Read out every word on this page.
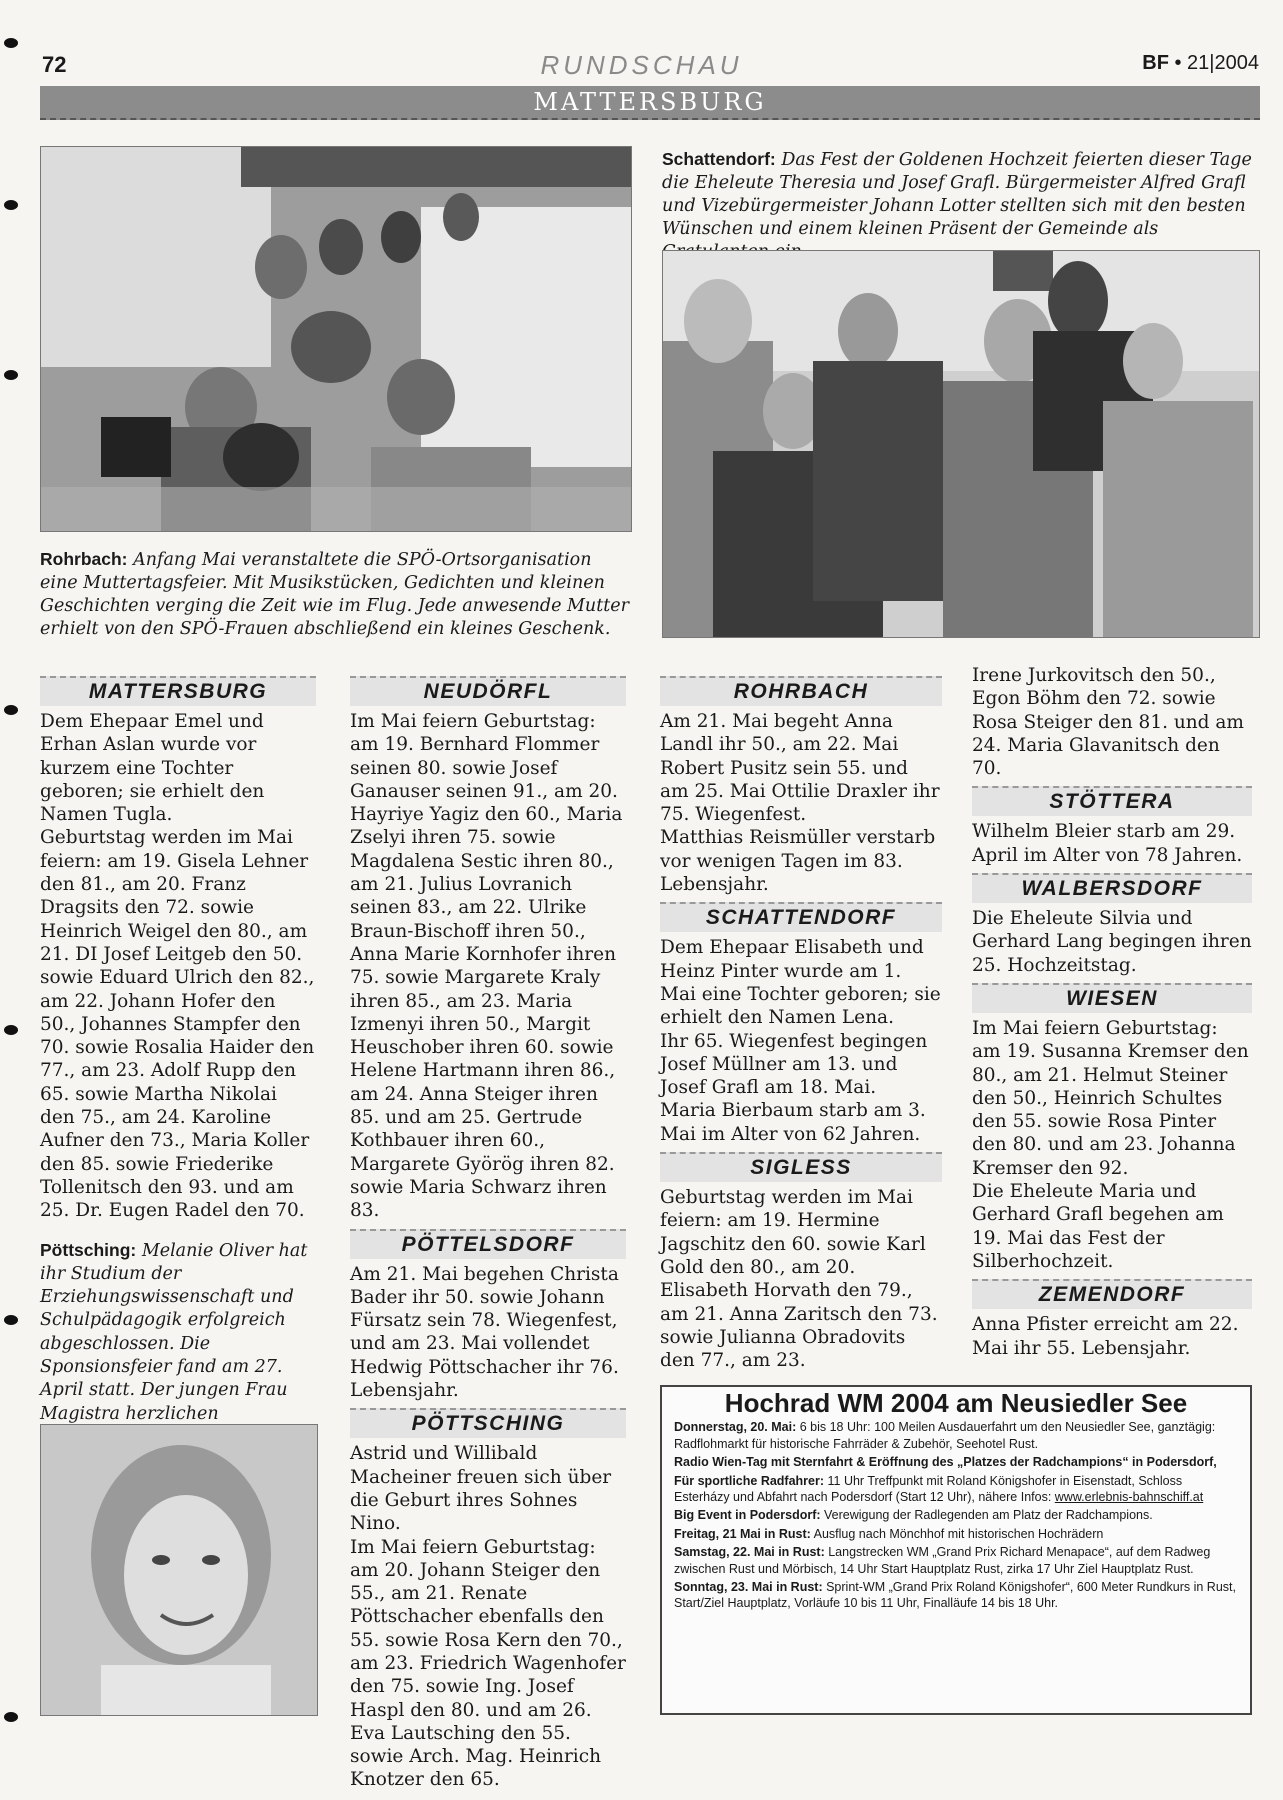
72	RUNDSCHAU	BF • 21|2004
MATTERSBURG
Schattendorf: Das Fest der Goldenen Hochzeit feierten dieser Tage die Eheleute Theresia und Josef Grafl. Bürgermeister Alfred Grafl und Vizebürgermeister Johann Lotter stellten sich mit den besten Wünschen und einem kleinen Präsent der Gemeinde als
Rohrbach: Anfang Mai veranstaltete die SPÖ-Ortsorganisation eine Muttertagsfeier. Mit Musikstücken, Gedichten und kleinen Geschichten verging die Zeit wie im Flug. Jede anwesende Mutter erhielt von den SPÖ-Frauen abschließend ein kleines Geschenk.
MATTERSBURG

Dem Ehepaar Emel und Erhan Aslan wurde vor kurzem eine Tochter geboren; sie erhielt den Namen Tugla.

Geburtstag werden im Mai feiern: am 19. Gisela Lehner den 81., am 20. Franz Dragsits den 72. sowie Heinrich Weigel den 80., am 21. DI Josef Leitgeb den 50. sowie Eduard Ulrich den 82., am 22. Johann Hofer den 50., Johannes Stampfer den 70. sowie Rosalia Haider den 77., am 23. Adolf Rupp den 65. sowie Martha Nikolai den 75., am 24. Karoline Aufner den 73., Maria Koller den 85. sowie Friederike Tollenitsch den 93. und am 25. Dr. Eugen Radel den 70.

Pöttsching: Melanie Oliver hat ihr Studium der Erziehungswissenschaft und Schulpädagogik erfolgreich abgeschlossen. Die Sponsionsfeier fand am 27. April statt. Der jungen Frau Magistra herzlichen
NEUDÖRFL

Im Mai feiern Geburtstag: am 19. Bernhard Flommer seinen 80. sowie Josef Ganauser seinen 91., am 20. Hayriye Yagiz den 60., Maria Zselyi ihren 75. sowie Magdalena Sestic ihren 80., am 21. Julius Lovranich seinen 83., am 22. Ulrike Braun-Bischoff ihren 50., Anna Marie Kornhofer ihren 75. sowie Margarete Kraly ihren 85., am 23. Maria Izmenyi ihren 50., Margit Heuschober ihren 60. sowie Helene Hartmann ihren 86., am 24. Anna Steiger ihren 85. und am 25. Gertrude Kothbauer ihren 60., Margarete Györög ihren 82. sowie Maria Schwarz ihren 83.

PÖTTELSDORF

Am 21. Mai begehen Christa Bader ihr 50. sowie Johann Fürsatz sein 78. Wiegenfest, und am 23. Mai vollendet Hedwig Pöttschacher ihr 76. Lebensjahr.

PÖTTSCHING

Astrid und Willibald Macheiner freuen sich über die Geburt ihres Sohnes Nino.

Im Mai feiern Geburtstag: am 20. Johann Steiger den 55., am 21. Renate Pöttschacher ebenfalls den 55. sowie Rosa Kern den 70., am 23. Friedrich Wagenhofer den 75. sowie Ing. Josef Haspl den 80. und am 26. Eva Lautsching den 55. sowie Arch. Mag. Heinrich Knotzer den 65.

ROHRBACH

Am 21. Mai begeht Anna Landl ihr 50., am 22. Mai Robert Pusitz sein 55. und am 25. Mai Ottilie Draxler ihr 75. Wiegenfest.

Matthias Reismüller verstarb vor wenigen Tagen im 83. Lebensjahr.

SCHATTENDORF

Dem Ehepaar Elisabeth und Heinz Pinter wurde am 1. Mai eine Tochter geboren; sie erhielt den Namen Lena.

Ihr 65. Wiegenfest begingen Josef Müllner am 13. und Josef Grafl am 18. Mai.

Maria Bierbaum starb am 3. Mai im Alter von 62 Jahren.

SIGLESS

Geburtstag werden im Mai feiern: am 19. Hermine Jagschitz den 60. sowie Karl Gold den 80., am 20. Elisabeth Horvath den 79., am 21. Anna Zaritsch den 73. sowie Julianna Obradovits den 77., am 23.

Irene Jurkovitsch den 50., Egon Böhm den 72. sowie Rosa Steiger den 81. und am 24. Maria Glavanitsch den 70.

STÖTTERA

Wilhelm Bleier starb am 29. April im Alter von 78 Jahren.

WALBERSDORF

Die Eheleute Silvia und Gerhard Lang begingen ihren 25. Hochzeitstag.

WIESEN

Im Mai feiern Geburtstag: am 19. Susanna Kremser den 80., am 21. Helmut Steiner den 50., Heinrich Schultes den 55. sowie Rosa Pinter den 80. und am 23. Johanna Kremser den 92.

Die Eheleute Maria und Gerhard Grafl begehen am 19. Mai das Fest der Silberhochzeit.

ZEMENDORF

Anna Pfister erreicht am 22. Mai ihr 55. Lebensjahr.

Hochrad WM 2004 am Neusiedler See

Donnerstag, 20. Mai: 6 bis 18 Uhr: 100 Meilen Ausdauerfahrt um den Neusiedler See, ganztägig: Radflohmarkt für historische Fahrräder & Zubehör, Seehotel Rust.

Radio Wien-Tag mit Sternfahrt & Eröffnung des „Platzes der Radchampions“ in Podersdorf,

Für sportliche Radfahrer: 11 Uhr Treffpunkt mit Roland Königshofer in Eisenstadt, Schloss Esterházy und Abfahrt nach Podersdorf (Start 12 Uhr), nähere Infos: www.erlebnis-bahnschiff.at

Big Event in Podersdorf: Verewigung der Radlegenden am Platz der Radchampions.

Freitag, 21 Mai in Rust: Ausflug nach Mönchhof mit historischen Hochrädern

Samstag, 22. Mai in Rust: Langstrecken WM „Grand Prix Richard Menapace“, auf dem Radweg zwischen Rust und Mörbisch, 14 Uhr Start Hauptplatz Rust, zirka 17 Uhr Ziel Hauptplatz Rust.

Sonntag, 23. Mai in Rust: Sprint-WM „Grand Prix Roland Königshofer“, 600 Meter Rundkurs in Rust, Start/Ziel Hauptplatz, Vorläufe 10 bis 11 Uhr, Finalläufe 14 bis 18 Uhr.
